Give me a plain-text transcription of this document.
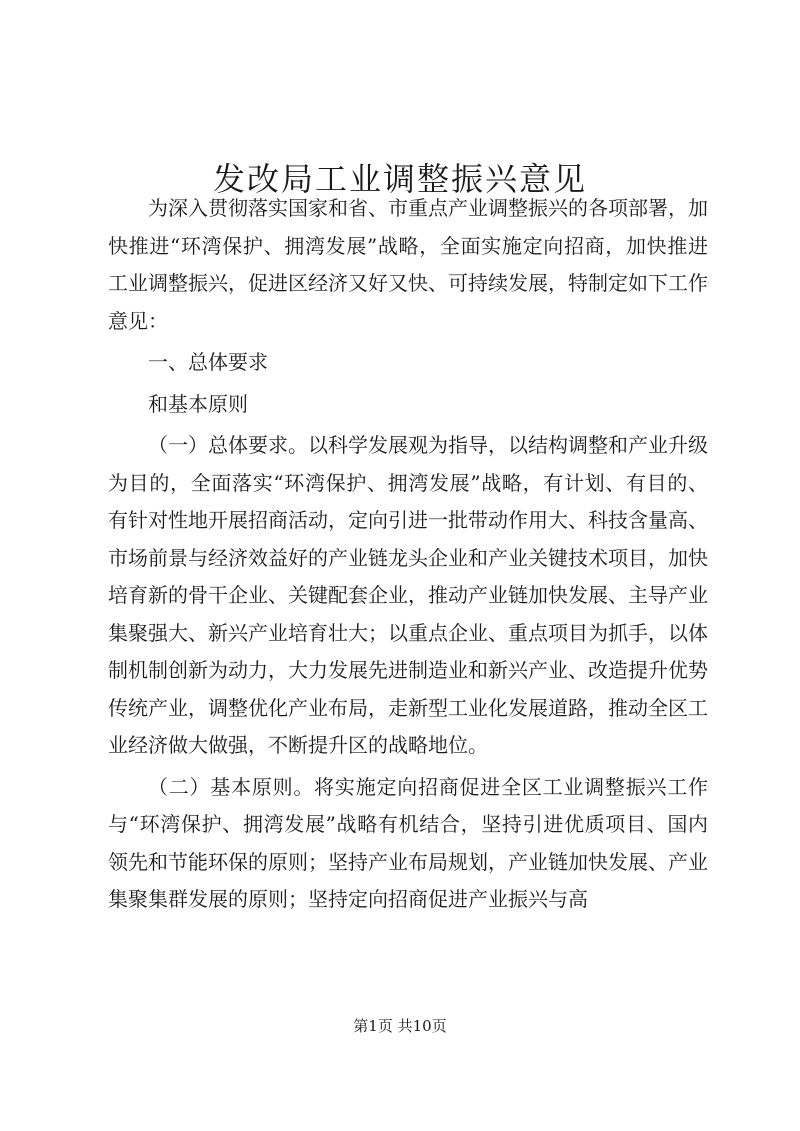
发改局工业调整振兴意见

为深入贯彻落实国家和省、市重点产业调整振兴的各项部署，加快推进“环湾保护、拥湾发展”战略，全面实施定向招商，加快推进工业调整振兴，促进区经济又好又快、可持续发展，特制定如下工作意见：

一、总体要求

和基本原则

（一）总体要求。以科学发展观为指导，以结构调整和产业升级为目的，全面落实“环湾保护、拥湾发展”战略，有计划、有目的、有针对性地开展招商活动，定向引进一批带动作用大、科技含量高、市场前景与经济效益好的产业链龙头企业和产业关键技术项目，加快培育新的骨干企业、关键配套企业，推动产业链加快发展、主导产业集聚强大、新兴产业培育壮大；以重点企业、重点项目为抓手，以体制机制创新为动力，大力发展先进制造业和新兴产业、改造提升优势传统产业，调整优化产业布局，走新型工业化发展道路，推动全区工业经济做大做强，不断提升区的战略地位。

（二）基本原则。将实施定向招商促进全区工业调整振兴工作与“环湾保护、拥湾发展”战略有机结合，坚持引进优质项目、国内领先和节能环保的原则；坚持产业布局规划，产业链加快发展、产业集聚集群发展的原则；坚持定向招商促进产业振兴与高

第1页 共10页
